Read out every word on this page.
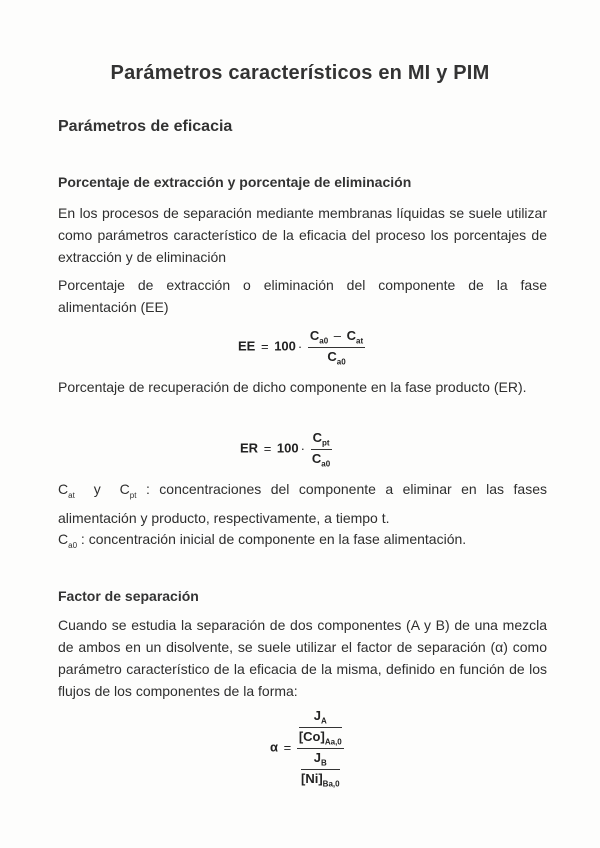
Parámetros característicos en MI y PIM
Parámetros de eficacia
Porcentaje de extracción y porcentaje de eliminación
En los procesos de separación mediante membranas líquidas se suele utilizar como parámetros característico de la eficacia del proceso los porcentajes de extracción y de eliminación
Porcentaje de extracción o eliminación del componente de la fase alimentación (EE)
EE = $100 \cdot \frac{C_{a0} - C_{at}}{C_{a0}}$
Porcentaje de recuperación de dicho componente en la fase producto (ER).
ER = $100 \cdot \frac{C_{pt}}{C_{a0}}$
$C_{at}$ y $C_{pt}$ : concentraciones del componente a eliminar en las fases alimentación y producto, respectivamente, a tiempo t.
$C_{a0}$ : concentración inicial de componente en la fase alimentación.
Factor de separación
Cuando se estudia la separación de dos componentes (A y B) de una mezcla de ambos en un disolvente, se suele utilizar el factor de separación (α) como parámetro característico de la eficacia de la misma, definido en función de los flujos de los componentes de la forma:
$\alpha = \frac{\frac{J_A}{[Co]_{Aa,0}}}{\frac{J_B}{[Ni]_{Ba,0}}}$
